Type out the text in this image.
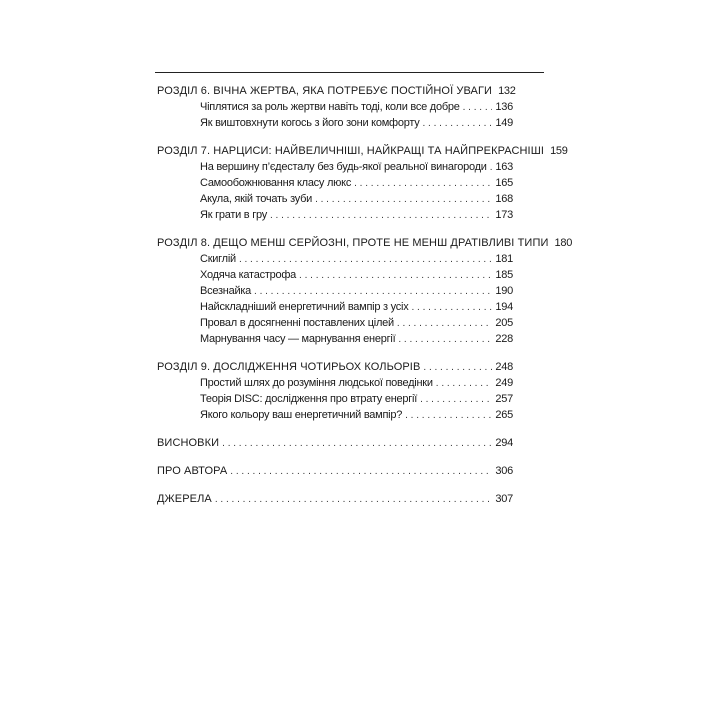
РОЗДІЛ 6. ВІЧНА ЖЕРТВА, ЯКА ПОТРЕБУЄ ПОСТІЙНОЇ УВАГИ 132
Чіплятися за роль жертви навіть тоді, коли все добре . . .	136
Як виштовхнути когось з його зони комфорту . . .	149
РОЗДІЛ 7. НАРЦИСИ: НАЙВЕЛИЧНІШІ, НАЙКРАЩІ ТА НАЙПРЕКРАСНІШІ 159
На вершину п’єдесталу без будь-якої реальної винагороди . . . 163
Самообожнювання класу люкс . . .	165
Акула, якій точать зуби . . .	168
Як грати в гру . . .	173
РОЗДІЛ 8. ДЕЩО МЕНШ СЕРЙОЗНІ, ПРОТЕ НЕ МЕНШ ДРАТІВЛИВІ ТИПИ 180
Скиглій . . .	181
Ходяча катастрофа . . .	185
Всезнайка . . .	190
Найскладніший енергетичний вампір з усіх . . .	194
Провал в досягненні поставлених цілей . . .	205
Марнування часу — марнування енергії . . .	228
РОЗДІЛ 9. ДОСЛІДЖЕННЯ ЧОТИРЬОХ КОЛЬОРІВ . . .	248
Простий шлях до розуміння людської поведінки . . .	249
Теорія DISC: дослідження про втрату енергії . . .	257
Якого кольору ваш енергетичний вампір? . . .	265
ВИСНОВКИ . . .	294
ПРО АВТОРА . . .	306
ДЖЕРЕЛА . . .	307
